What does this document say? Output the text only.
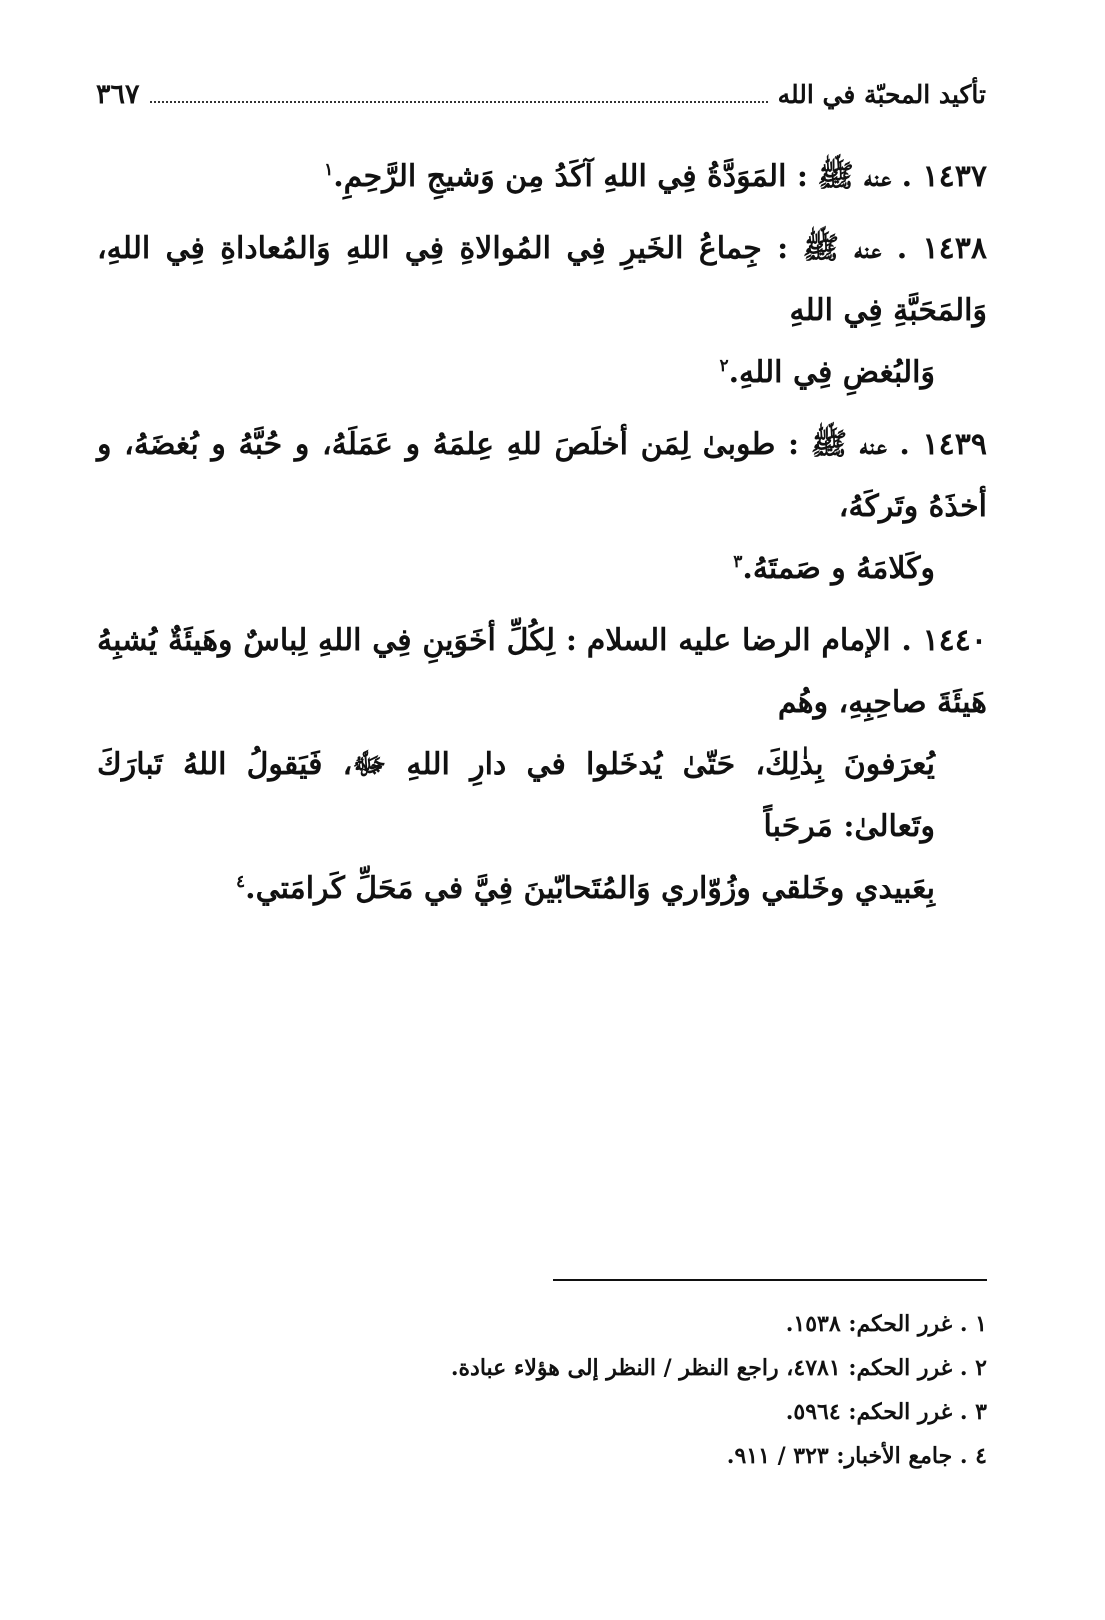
تأكيد المحبّة في الله
٣٦٧
١٤٣٧ . عنه ﷺ : المَوَدَّةُ فِي اللهِ آكَدُ مِن وَشيجِ الرَّحِمِ.$^١$
١٤٣٨ . عنه ﷺ : جِماعُ الخَيرِ فِي المُوالاةِ فِي اللهِ وَالمُعاداةِ فِي اللهِ، وَالمَحَبَّةِ فِي اللهِ
وَالبُغضِ فِي اللهِ.$^٢$
١٤٣٩ . عنه ﷺ : طوبىٰ لِمَن أخلَصَ للهِ عِلمَهُ و عَمَلَهُ، و حُبَّهُ و بُغضَهُ، و أخذَهُ وتَركَهُ،
وكَلامَهُ و صَمتَهُ.$^٣$
١٤٤٠ . الإمام الرضا عليه السلام : لِكُلِّ أخَوَينِ فِي اللهِ لِباسٌ وهَيئَةٌ يُشبِهُ هَيئَةَ صاحِبِهِ، وهُم
يُعرَفونَ بِذٰلِكَ، حَتّىٰ يُدخَلوا في دارِ اللهِ ﷻ، فَيَقولُ اللهُ تَبارَكَ وتَعالىٰ: مَرحَباً
بِعَبيدي وخَلقي وزُوّاري وَالمُتَحابّينَ فِيَّ في مَحَلِّ كَرامَتي.$^٤$
١ . غرر الحكم: ١٥٣٨.
٢ . غرر الحكم: ٤٧٨١، راجع النظر / النظر إلى هؤلاء عبادة.
٣ . غرر الحكم: ٥٩٦٤.
٤ . جامع الأخبار: ٣٢٣ / ٩١١.
